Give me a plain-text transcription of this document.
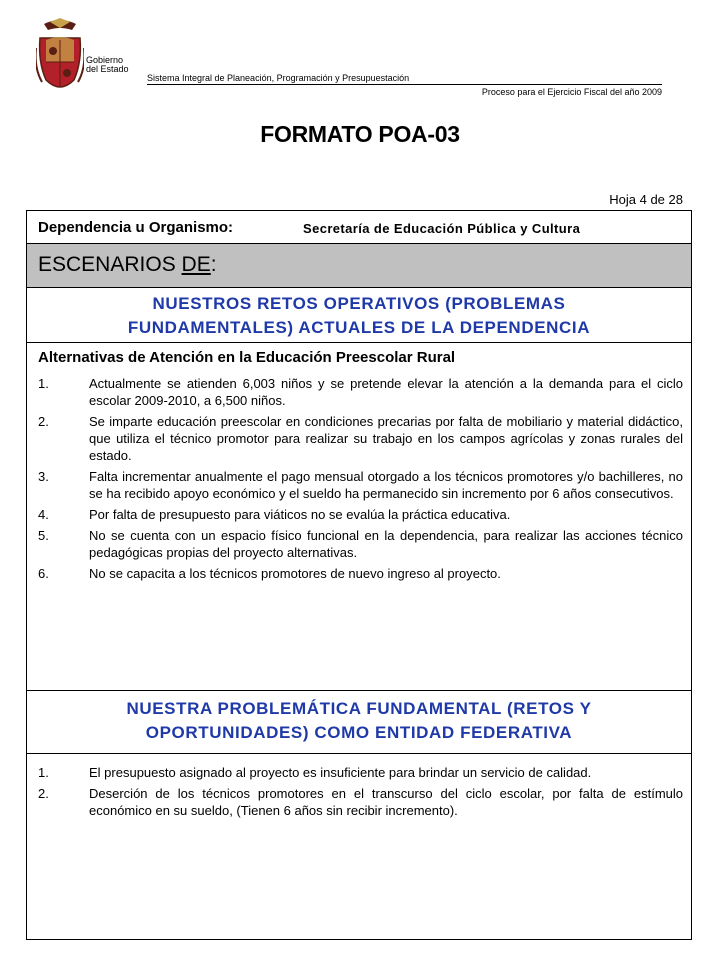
Gobierno
del Estado
Sistema Integral de Planeación, Programación y Presupuestación
Proceso para el Ejercicio Fiscal del año 2009
FORMATO POA-03
Hoja 4 de 28
Dependencia u Organismo:	Secretaría de Educación Pública y Cultura
ESCENARIOS DE:
NUESTROS RETOS OPERATIVOS (PROBLEMAS
FUNDAMENTALES) ACTUALES DE LA DEPENDENCIA
Alternativas de Atención en la Educación Preescolar Rural
1.	Actualmente se atienden 6,003 niños y se pretende elevar la atención a la demanda para el ciclo escolar 2009-2010, a 6,500 niños.
2.	Se imparte educación preescolar en condiciones precarias por falta de mobiliario y material didáctico, que utiliza el técnico promotor para realizar su trabajo en los campos agrícolas y zonas rurales del estado.
3.	Falta incrementar anualmente el pago mensual otorgado a los técnicos promotores y/o bachilleres, no se ha recibido apoyo económico y el sueldo ha permanecido sin incremento por 6 años consecutivos.
4.	Por falta de presupuesto para viáticos no se evalúa la práctica educativa.
5.	No se cuenta con un espacio físico funcional en la dependencia, para realizar las acciones técnico pedagógicas propias del proyecto alternativas.
6.	No se capacita a los técnicos promotores de nuevo ingreso al proyecto.
NUESTRA PROBLEMÁTICA FUNDAMENTAL (RETOS Y
OPORTUNIDADES) COMO ENTIDAD FEDERATIVA
1.	El presupuesto asignado al proyecto es insuficiente para brindar un servicio de calidad.
2.	Deserción de los técnicos promotores en el transcurso del ciclo escolar, por falta de estímulo económico en su sueldo, (Tienen 6 años sin recibir incremento).
